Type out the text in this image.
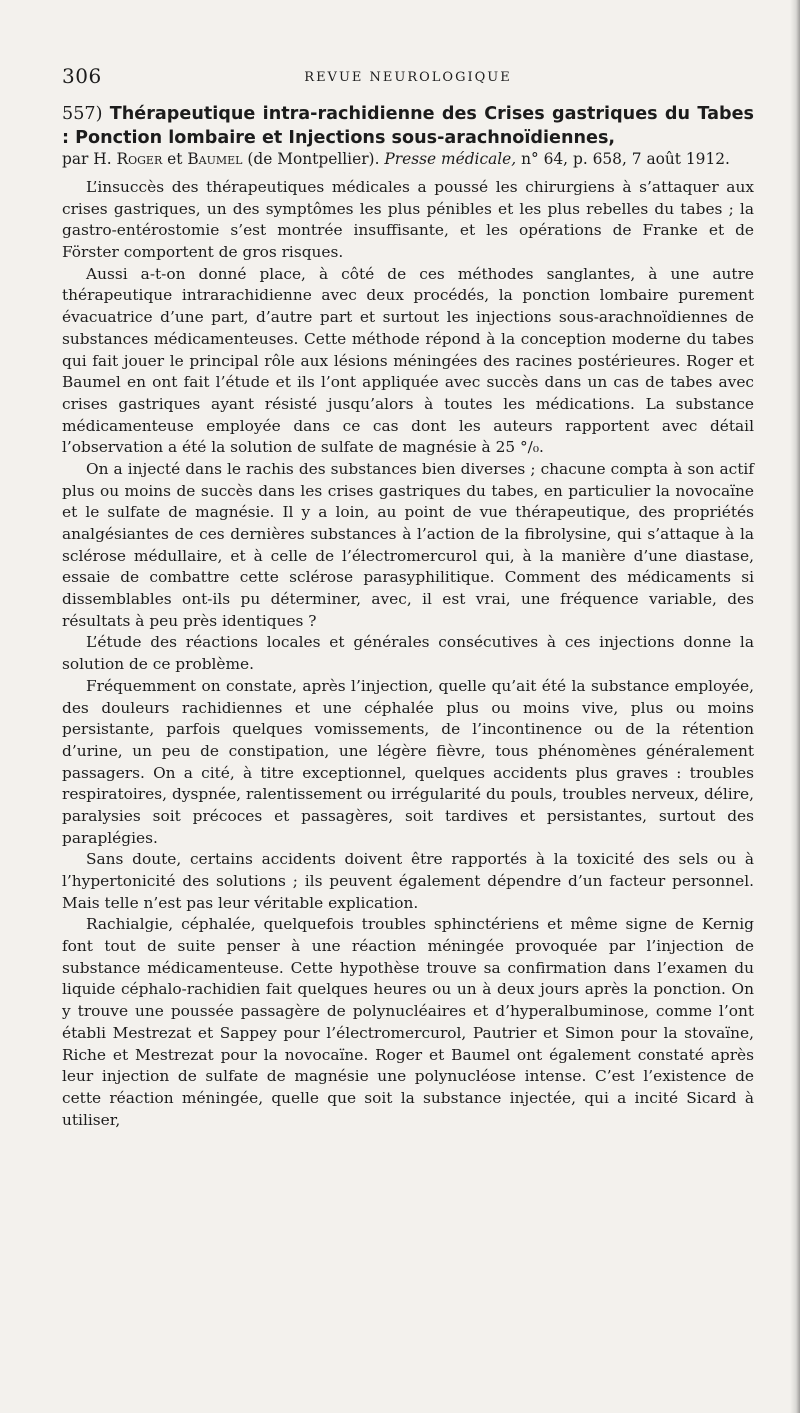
306	REVUE NEUROLOGIQUE
557) Thérapeutique intra-rachidienne des Crises gastriques du Tabes : Ponction lombaire et Injections sous-arachnoïdiennes,

par H. Roger et Baumel (de Montpellier). Presse médicale, n° 64, p. 658, 7 août 1912.

L’insuccès des thérapeutiques médicales a poussé les chirurgiens à s’attaquer aux crises gastriques, un des symptômes les plus pénibles et les plus rebelles du tabes ; la gastro-entérostomie s’est montrée insuffisante, et les opérations de Franke et de Förster comportent de gros risques.

Aussi a-t-on donné place, à côté de ces méthodes sanglantes, à une autre thérapeutique intrarachidienne avec deux procédés, la ponction lombaire purement évacuatrice d’une part, d’autre part et surtout les injections sous-arachnoïdiennes de substances médicamenteuses. Cette méthode répond à la conception moderne du tabes qui fait jouer le principal rôle aux lésions méningées des racines postérieures. Roger et Baumel en ont fait l’étude et ils l’ont appliquée avec succès dans un cas de tabes avec crises gastriques ayant résisté jusqu’alors à toutes les médications. La substance médicamenteuse employée dans ce cas dont les auteurs rapportent avec détail l’observation a été la solution de sulfate de magnésie à 25 °/₀.

On a injecté dans le rachis des substances bien diverses ; chacune compta à son actif plus ou moins de succès dans les crises gastriques du tabes, en particulier la novocaïne et le sulfate de magnésie. Il y a loin, au point de vue thérapeutique, des propriétés analgésiantes de ces dernières substances à l’action de la fibrolysine, qui s’attaque à la sclérose médullaire, et à celle de l’électromercurol qui, à la manière d’une diastase, essaie de combattre cette sclérose parasyphilitique. Comment des médicaments si dissemblables ont-ils pu déterminer, avec, il est vrai, une fréquence variable, des résultats à peu près identiques ?

L’étude des réactions locales et générales consécutives à ces injections donne la solution de ce problème.

Fréquemment on constate, après l’injection, quelle qu’ait été la substance employée, des douleurs rachidiennes et une céphalée plus ou moins vive, plus ou moins persistante, parfois quelques vomissements, de l’incontinence ou de la rétention d’urine, un peu de constipation, une légère fièvre, tous phénomènes généralement passagers. On a cité, à titre exceptionnel, quelques accidents plus graves : troubles respiratoires, dyspnée, ralentissement ou irrégularité du pouls, troubles nerveux, délire, paralysies soit précoces et passagères, soit tardives et persistantes, surtout des paraplégies.

Sans doute, certains accidents doivent être rapportés à la toxicité des sels ou à l’hypertonicité des solutions ; ils peuvent également dépendre d’un facteur personnel. Mais telle n’est pas leur véritable explication.

Rachialgie, céphalée, quelquefois troubles sphinctériens et même signe de Kernig font tout de suite penser à une réaction méningée provoquée par l’injection de substance médicamenteuse. Cette hypothèse trouve sa confirmation dans l’examen du liquide céphalo-rachidien fait quelques heures ou un à deux jours après la ponction. On y trouve une poussée passagère de polynucléaires et d’hyperalbuminose, comme l’ont établi Mestrezat et Sappey pour l’électromercurol, Pautrier et Simon pour la stovaïne, Riche et Mestrezat pour la novocaïne. Roger et Baumel ont également constaté après leur injection de sulfate de magnésie une polynucléose intense. C’est l’existence de cette réaction méningée, quelle que soit la substance injectée, qui a incité Sicard à utiliser,
